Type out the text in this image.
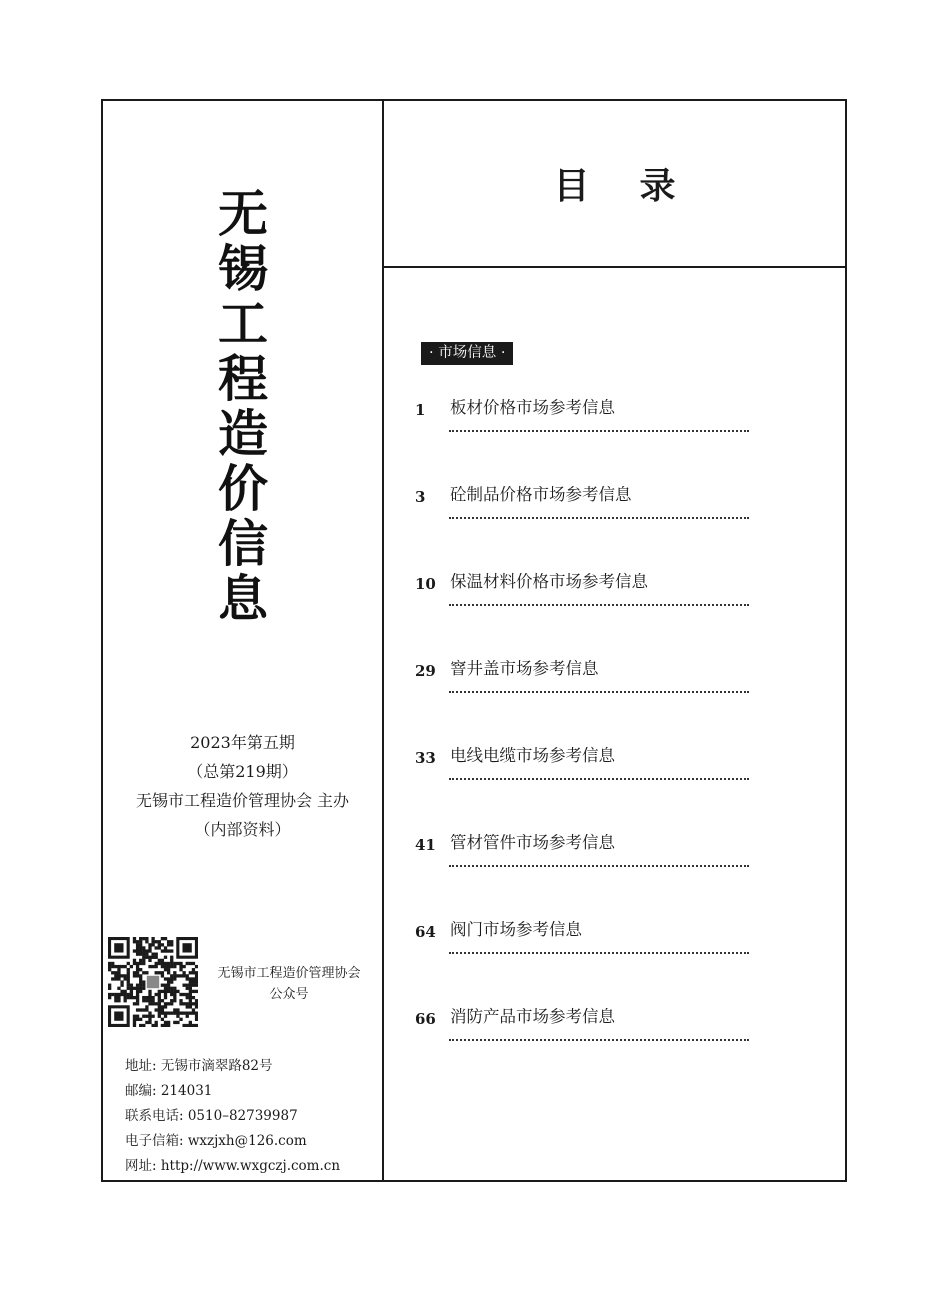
无
锡
工
程
造
价
信
息
2023年第五期
（总第219期）
无锡市工程造价管理协会 主办
（内部资料）
无锡市工程造价管理协会
公众号
地址: 无锡市滴翠路82号
邮编: 214031
联系电话: 0510–82739987
电子信箱: wxzjxh@126.com
网址: http://www.wxgczj.com.cn
目录
· 市场信息 ·
1 板材价格市场参考信息
3 砼制品价格市场参考信息
10 保温材料价格市场参考信息
29 窨井盖市场参考信息
33 电线电缆市场参考信息
41 管材管件市场参考信息
64 阀门市场参考信息
66 消防产品市场参考信息
